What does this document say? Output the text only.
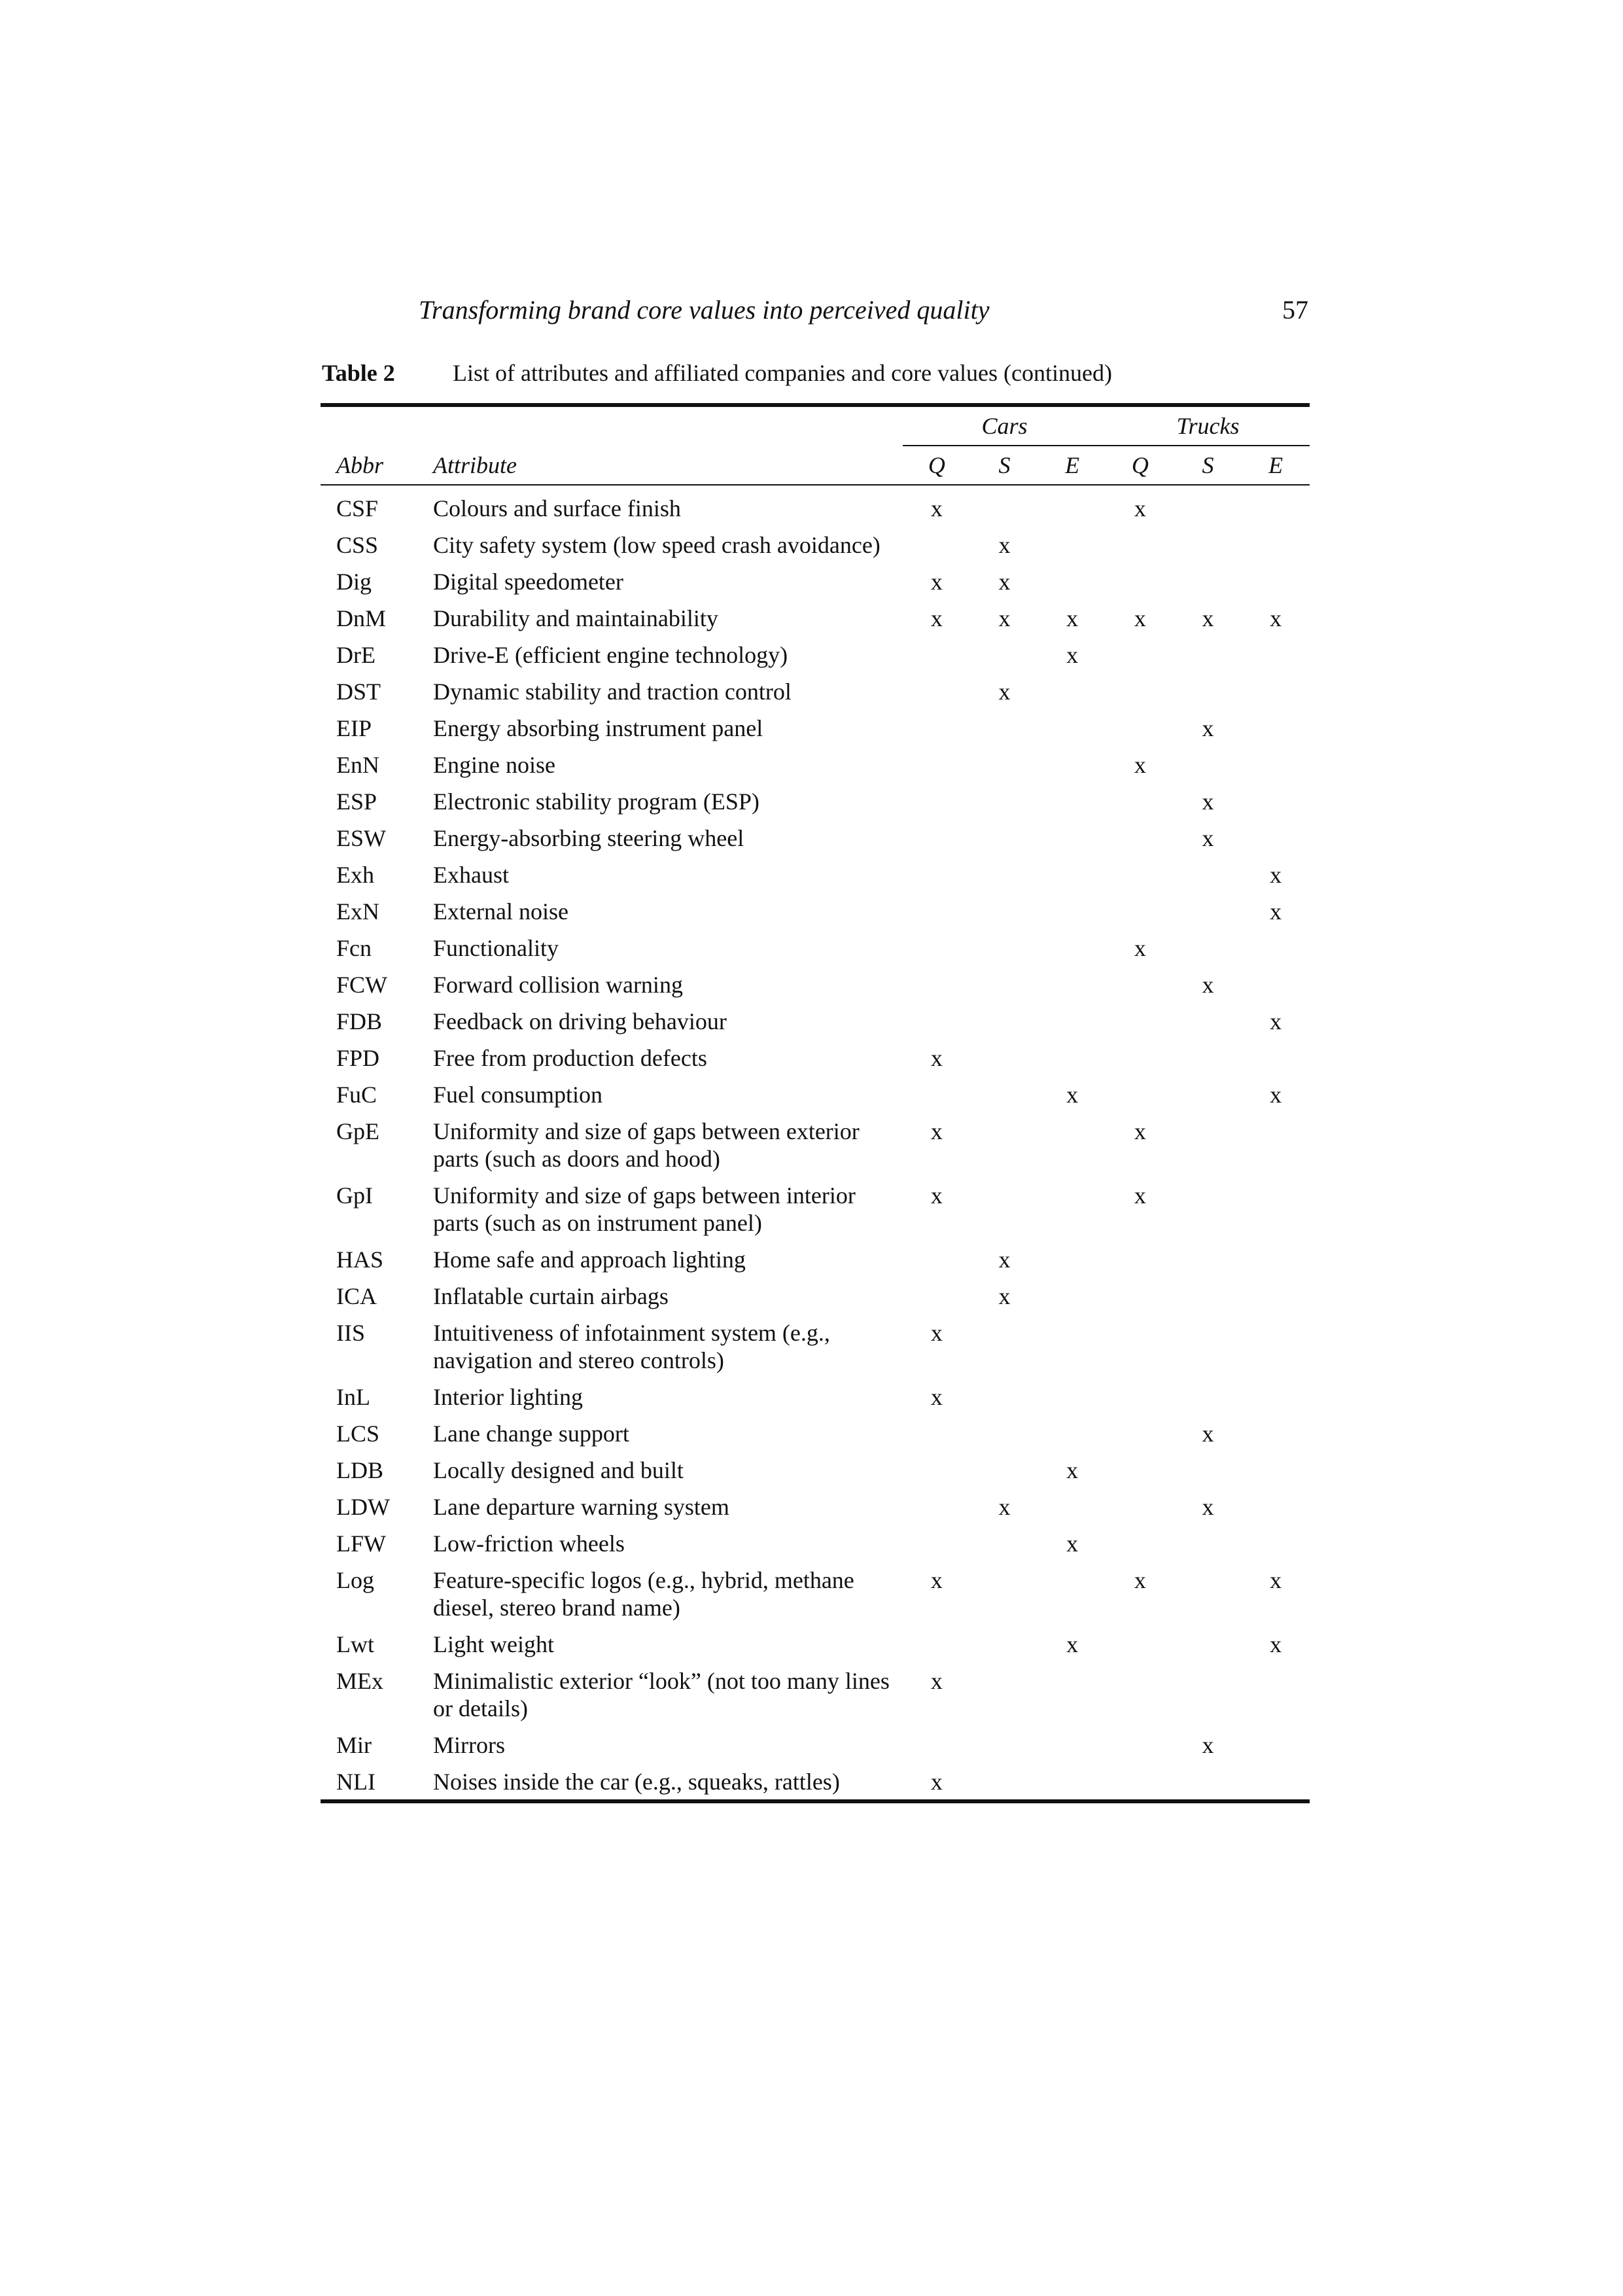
Transforming brand core values into perceived quality	57
Table 2 List of attributes and affiliated companies and core values (continued)
		Cars			Trucks		
Abbr	Attribute	Q	S	E	Q	S	E
CSF	Colours and surface finish	x			x		
CSS	City safety system (low speed crash avoidance)		x				
Dig	Digital speedometer	x	x				
DnM	Durability and maintainability	x	x	x	x	x	x
DrE	Drive-E (efficient engine technology)			x			
DST	Dynamic stability and traction control		x				
EIP	Energy absorbing instrument panel					x	
EnN	Engine noise				x		
ESP	Electronic stability program (ESP)					x	
ESW	Energy-absorbing steering wheel					x	
Exh	Exhaust						x
ExN	External noise						x
Fcn	Functionality				x		
FCW	Forward collision warning					x	
FDB	Feedback on driving behaviour						x
FPD	Free from production defects	x					
FuC	Fuel consumption			x			x
GpE	Uniformity and size of gaps between exterior parts (such as doors and hood)	x			x		
GpI	Uniformity and size of gaps between interior parts (such as on instrument panel)	x			x		
HAS	Home safe and approach lighting		x				
ICA	Inflatable curtain airbags		x				
IIS	Intuitiveness of infotainment system (e.g., navigation and stereo controls)	x					
InL	Interior lighting	x					
LCS	Lane change support					x	
LDB	Locally designed and built			x			
LDW	Lane departure warning system		x			x	
LFW	Low-friction wheels			x			
Log	Feature-specific logos (e.g., hybrid, methane diesel, stereo brand name)	x			x		x
Lwt	Light weight			x			x
MEx	Minimalistic exterior “look” (not too many lines or details)	x					
Mir	Mirrors					x	
NLI	Noises inside the car (e.g., squeaks, rattles)	x					
